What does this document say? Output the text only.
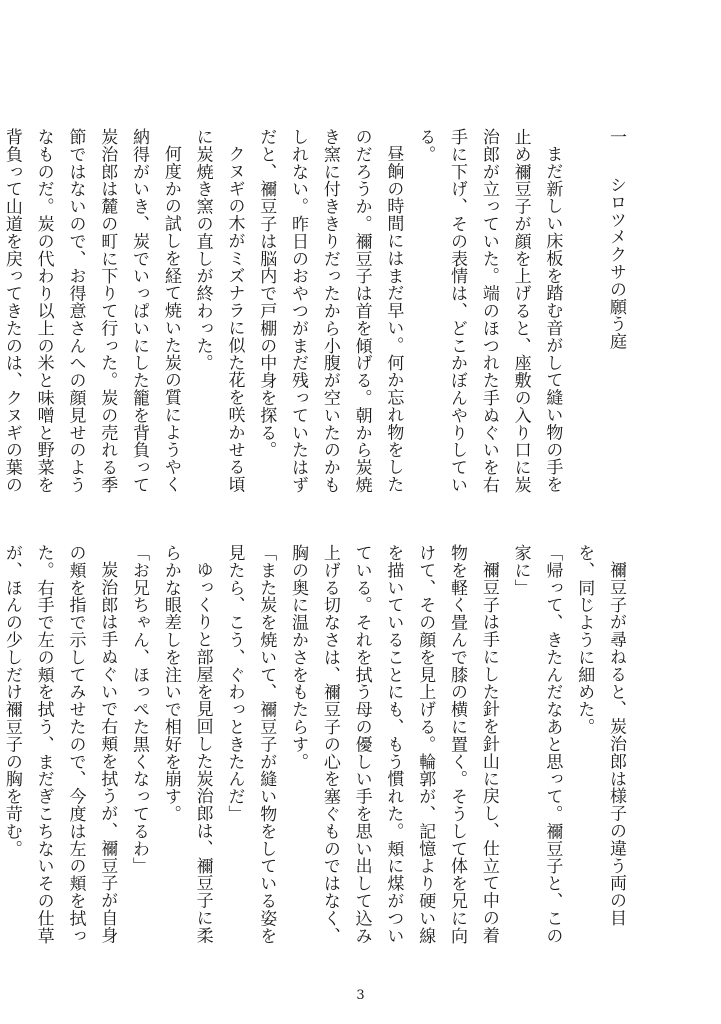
一シロツメクサの願う庭

まだ新しい床板を踏む音がして縫い物の手を止め禰豆子が顔を上げると、座敷の入り口に炭治郎が立っていた。端のほつれた手ぬぐいを右手に下げ、その表情は、どこかぼんやりしている。

昼餉の時間にはまだ早い。何か忘れ物をしたのだろうか。禰豆子は首を傾げる。朝から炭焼き窯に付ききりだったから小腹が空いたのかもしれない。昨日のおやつがまだ残っていたはずだと、禰豆子は脳内で戸棚の中身を探る。

クヌギの木がミズナラに似た花を咲かせる頃に炭焼き窯の直しが終わった。

何度かの試しを経て焼いた炭の質にようやく納得がいき、炭でいっぱいにした籠を背負って炭治郎は麓の町に下りて行った。炭の売れる季節ではないので、お得意さんへの顔見せのようなものだ。炭の代わり以上の米と味噌と野菜を背負って山道を戻ってきたのは、クヌギの葉の

禰豆子が尋ねると、炭治郎は様子の違う両の目を、同じように細めた。

「帰って、きたんだなあと思って。禰豆子と、この家に」

禰豆子は手にした針を針山に戻し、仕立て中の着物を軽く畳んで膝の横に置く。そうして体を兄に向けて、その顔を見上げる。輪郭が、記憶より硬い線を描いていることにも、もう慣れた。頬に煤がついている。それを拭う母の優しい手を思い出して込み上げる切なさは、禰豆子の心を塞ぐものではなく、胸の奥に温かさをもたらす。

「また炭を焼いて、禰豆子が縫い物をしている姿を見たら、こう、ぐわっときたんだ」

ゆっくりと部屋を見回した炭治郎は、禰豆子に柔らかな眼差しを注いで相好を崩す。

「お兄ちゃん、ほっぺた黒くなってるわ」

炭治郎は手ぬぐいで右頬を拭うが、禰豆子が自身の頬を指で示してみせたので、今度は左の頬を拭った。右手で左の頬を拭う、まだぎこちないその仕草が、ほんの少しだけ禰豆子の胸を苛む。

3
